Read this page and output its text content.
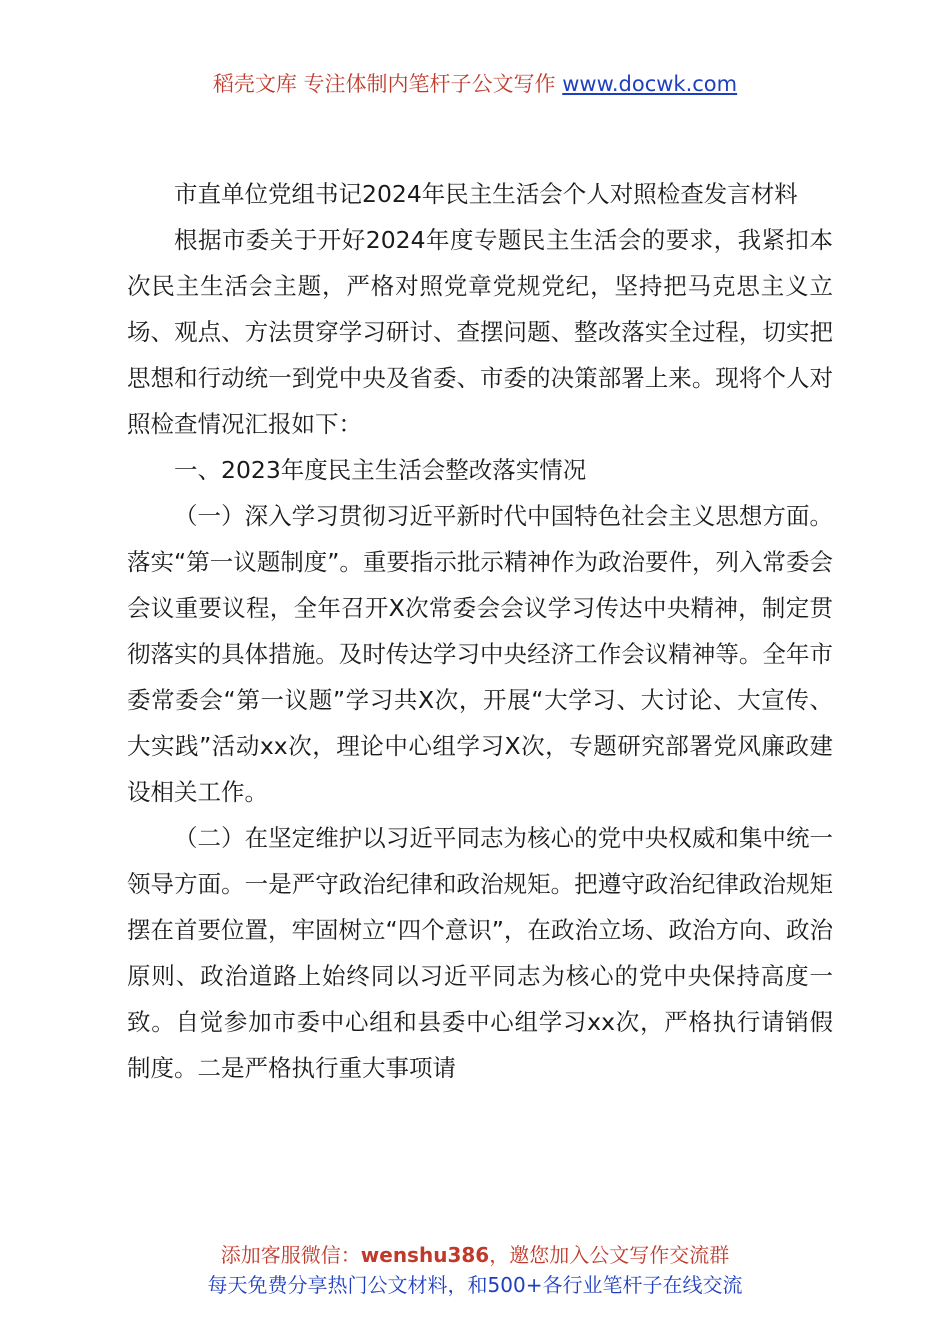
稻壳文库 专注体制内笔杆子公文写作 www.docwk.com

市直单位党组书记2024年民主生活会个人对照检查发言材料

根据市委关于开好2024年度专题民主生活会的要求，我紧扣本次民主生活会主题，严格对照党章党规党纪，坚持把马克思主义立场、观点、方法贯穿学习研讨、查摆问题、整改落实全过程，切实把思想和行动统一到党中央及省委、市委的决策部署上来。现将个人对照检查情况汇报如下：

一、2023年度民主生活会整改落实情况

（一）深入学习贯彻习近平新时代中国特色社会主义思想方面。落实“第一议题制度”。重要指示批示精神作为政治要件，列入常委会会议重要议程，全年召开X次常委会会议学习传达中央精神，制定贯彻落实的具体措施。及时传达学习中央经济工作会议精神等。全年市委常委会“第一议题”学习共X次，开展“大学习、大讨论、大宣传、大实践”活动xx次，理论中心组学习X次，专题研究部署党风廉政建设相关工作。

（二）在坚定维护以习近平同志为核心的党中央权威和集中统一领导方面。一是严守政治纪律和政治规矩。把遵守政治纪律政治规矩摆在首要位置，牢固树立“四个意识”，在政治立场、政治方向、政治原则、政治道路上始终同以习近平同志为核心的党中央保持高度一致。自觉参加市委中心组和县委中心组学习xx次，严格执行请销假制度。二是严格执行重大事项请

添加客服微信：wenshu386，邀您加入公文写作交流群
每天免费分享热门公文材料，和500+各行业笔杆子在线交流
